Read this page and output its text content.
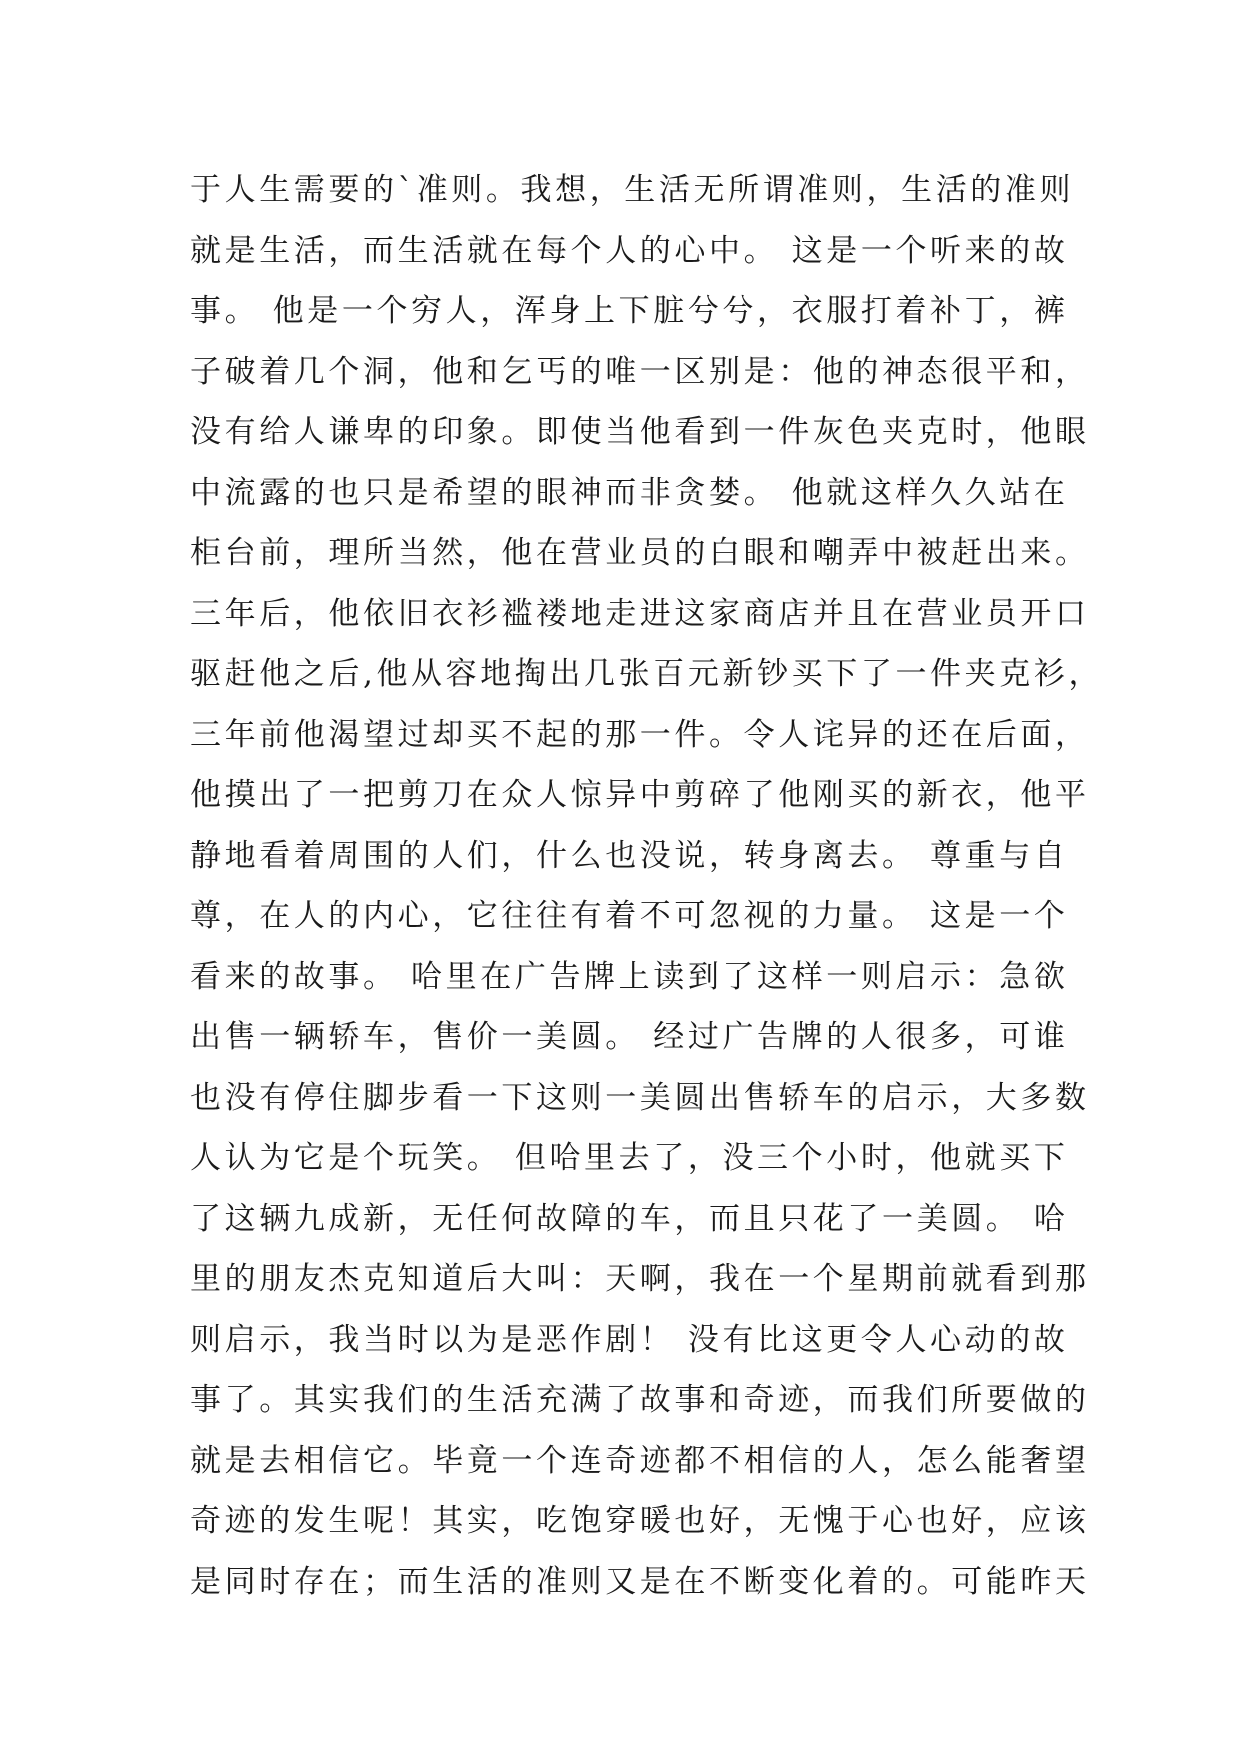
于人生需要的`准则。我想，生活无所谓准则，生活的准则
就是生活，而生活就在每个人的心中。 这是一个听来的故
事。 他是一个穷人，浑身上下脏兮兮，衣服打着补丁，裤
子破着几个洞，他和乞丐的唯一区别是：他的神态很平和，
没有给人谦卑的印象。即使当他看到一件灰色夹克时，他眼
中流露的也只是希望的眼神而非贪婪。 他就这样久久站在
柜台前，理所当然，他在营业员的白眼和嘲弄中被赶出来。
三年后，他依旧衣衫褴褛地走进这家商店并且在营业员开口
驱赶他之后,他从容地掏出几张百元新钞买下了一件夹克衫，
三年前他渴望过却买不起的那一件。令人诧异的还在后面，
他摸出了一把剪刀在众人惊异中剪碎了他刚买的新衣，他平
静地看着周围的人们，什么也没说，转身离去。 尊重与自
尊，在人的内心，它往往有着不可忽视的力量。 这是一个
看来的故事。 哈里在广告牌上读到了这样一则启示：急欲
出售一辆轿车，售价一美圆。 经过广告牌的人很多，可谁
也没有停住脚步看一下这则一美圆出售轿车的启示，大多数
人认为它是个玩笑。 但哈里去了，没三个小时，他就买下
了这辆九成新，无任何故障的车，而且只花了一美圆。 哈
里的朋友杰克知道后大叫：天啊，我在一个星期前就看到那
则启示，我当时以为是恶作剧！ 没有比这更令人心动的故
事了。其实我们的生活充满了故事和奇迹，而我们所要做的
就是去相信它。毕竟一个连奇迹都不相信的人，怎么能奢望
奇迹的发生呢！其实，吃饱穿暖也好，无愧于心也好，应该
是同时存在；而生活的准则又是在不断变化着的。可能昨天
